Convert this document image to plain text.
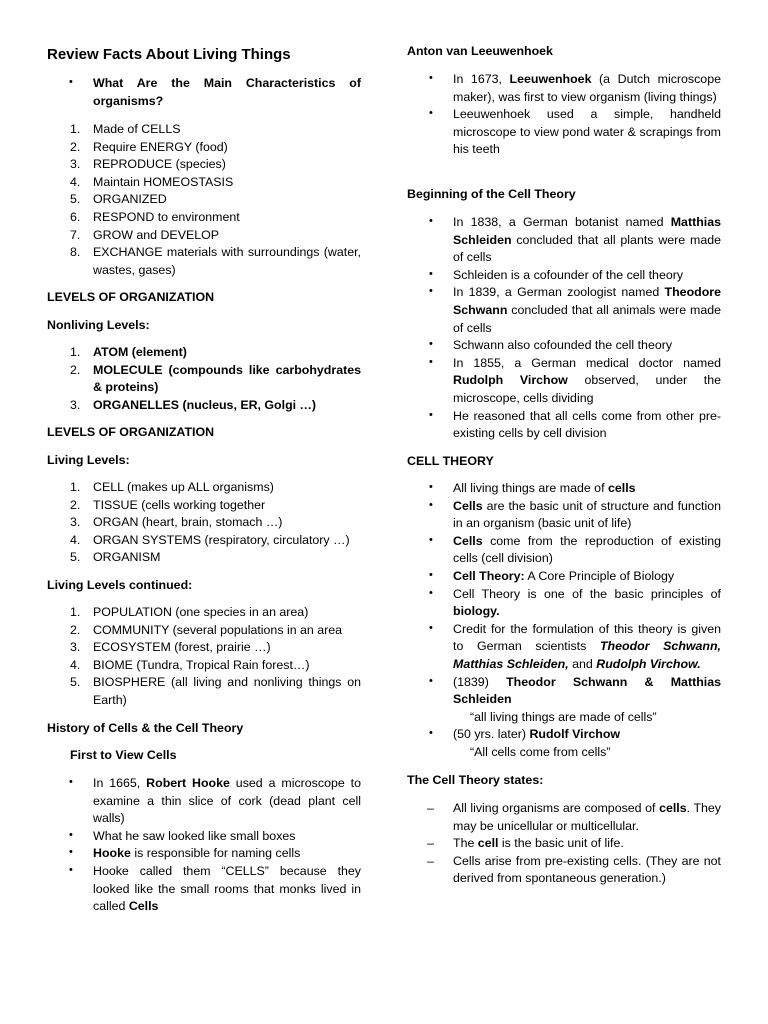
Review Facts About Living Things
• What Are the Main Characteristics of organisms?
1. Made of CELLS
2. Require ENERGY (food)
3. REPRODUCE (species)
4. Maintain HOMEOSTASIS
5. ORGANIZED
6. RESPOND to environment
7. GROW and DEVELOP
8. EXCHANGE materials with surroundings (water, wastes, gases)
LEVELS OF ORGANIZATION
Nonliving Levels:
1. ATOM (element)
2. MOLECULE (compounds like carbohydrates & proteins)
3. ORGANELLES (nucleus, ER, Golgi …)
LEVELS OF ORGANIZATION
Living Levels:
1. CELL (makes up ALL organisms)
2. TISSUE (cells working together
3. ORGAN (heart, brain, stomach …)
4. ORGAN SYSTEMS (respiratory, circulatory …)
5. ORGANISM
Living Levels continued:
1. POPULATION (one species in an area)
2. COMMUNITY (several populations in an area
3. ECOSYSTEM (forest, prairie …)
4. BIOME (Tundra, Tropical Rain forest…)
5. BIOSPHERE (all living and nonliving things on Earth)
History of Cells & the Cell Theory
First to View Cells
• In 1665, Robert Hooke used a microscope to examine a thin slice of cork (dead plant cell walls)
• What he saw looked like small boxes
• Hooke is responsible for naming cells
• Hooke called them “CELLS” because they looked like the small rooms that monks lived in called Cells
Anton van Leeuwenhoek
• In 1673, Leeuwenhoek (a Dutch microscope maker), was first to view organism (living things)
• Leeuwenhoek used a simple, handheld microscope to view pond water & scrapings from his teeth
Beginning of the Cell Theory
• In 1838, a German botanist named Matthias Schleiden concluded that all plants were made of cells
• Schleiden is a cofounder of the cell theory
• In 1839, a German zoologist named Theodore Schwann concluded that all animals were made of cells
• Schwann also cofounded the cell theory
• In 1855, a German medical doctor named Rudolph Virchow observed, under the microscope, cells dividing
• He reasoned that all cells come from other pre-existing cells by cell division
CELL THEORY
• All living things are made of cells
• Cells are the basic unit of structure and function in an organism (basic unit of life)
• Cells come from the reproduction of existing cells (cell division)
• Cell Theory: A Core Principle of Biology
• Cell Theory is one of the basic principles of biology.
• Credit for the formulation of this theory is given to German scientists Theodor Schwann, Matthias Schleiden, and Rudolph Virchow.
• (1839) Theodor Schwann & Matthias Schleiden
“all living things are made of cells”
• (50 yrs. later) Rudolf Virchow
“All cells come from cells”
The Cell Theory states:
– All living organisms are composed of cells. They may be unicellular or multicellular.
– The cell is the basic unit of life.
– Cells arise from pre-existing cells. (They are not derived from spontaneous generation.)
